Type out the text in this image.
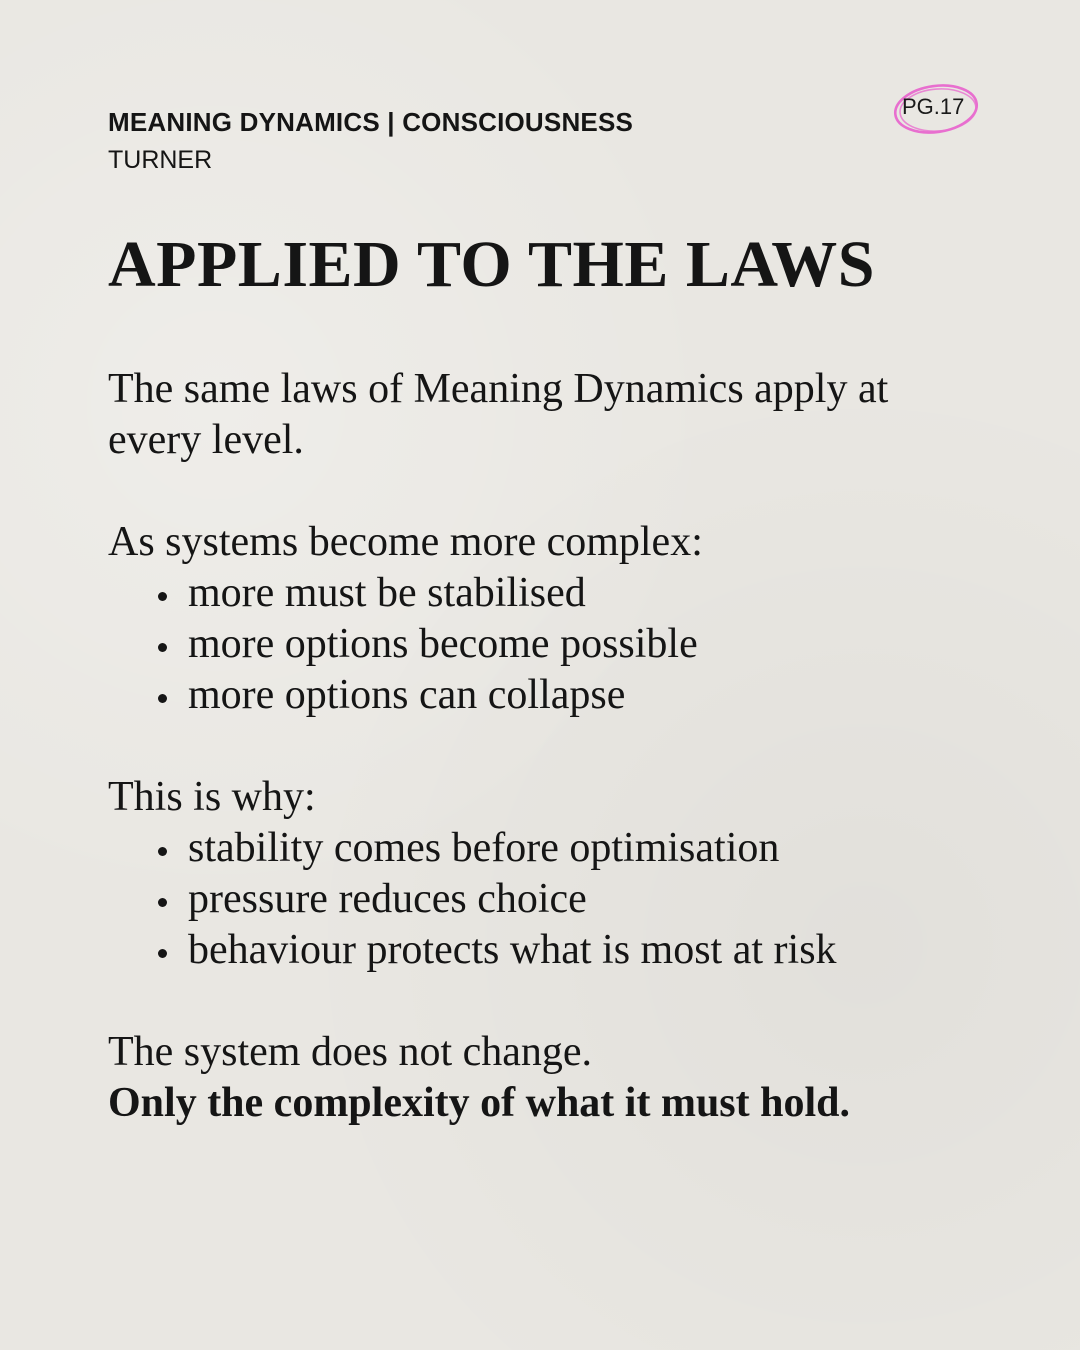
MEANING DYNAMICS | CONSCIOUSNESS
TURNER
PG.17
APPLIED TO THE LAWS

The same laws of Meaning Dynamics apply at every level.

As systems become more complex:

more must be stabilised
more options become possible
more options can collapse

This is why:

stability comes before optimisation
pressure reduces choice
behaviour protects what is most at risk

The system does not change.

Only the complexity of what it must hold.
